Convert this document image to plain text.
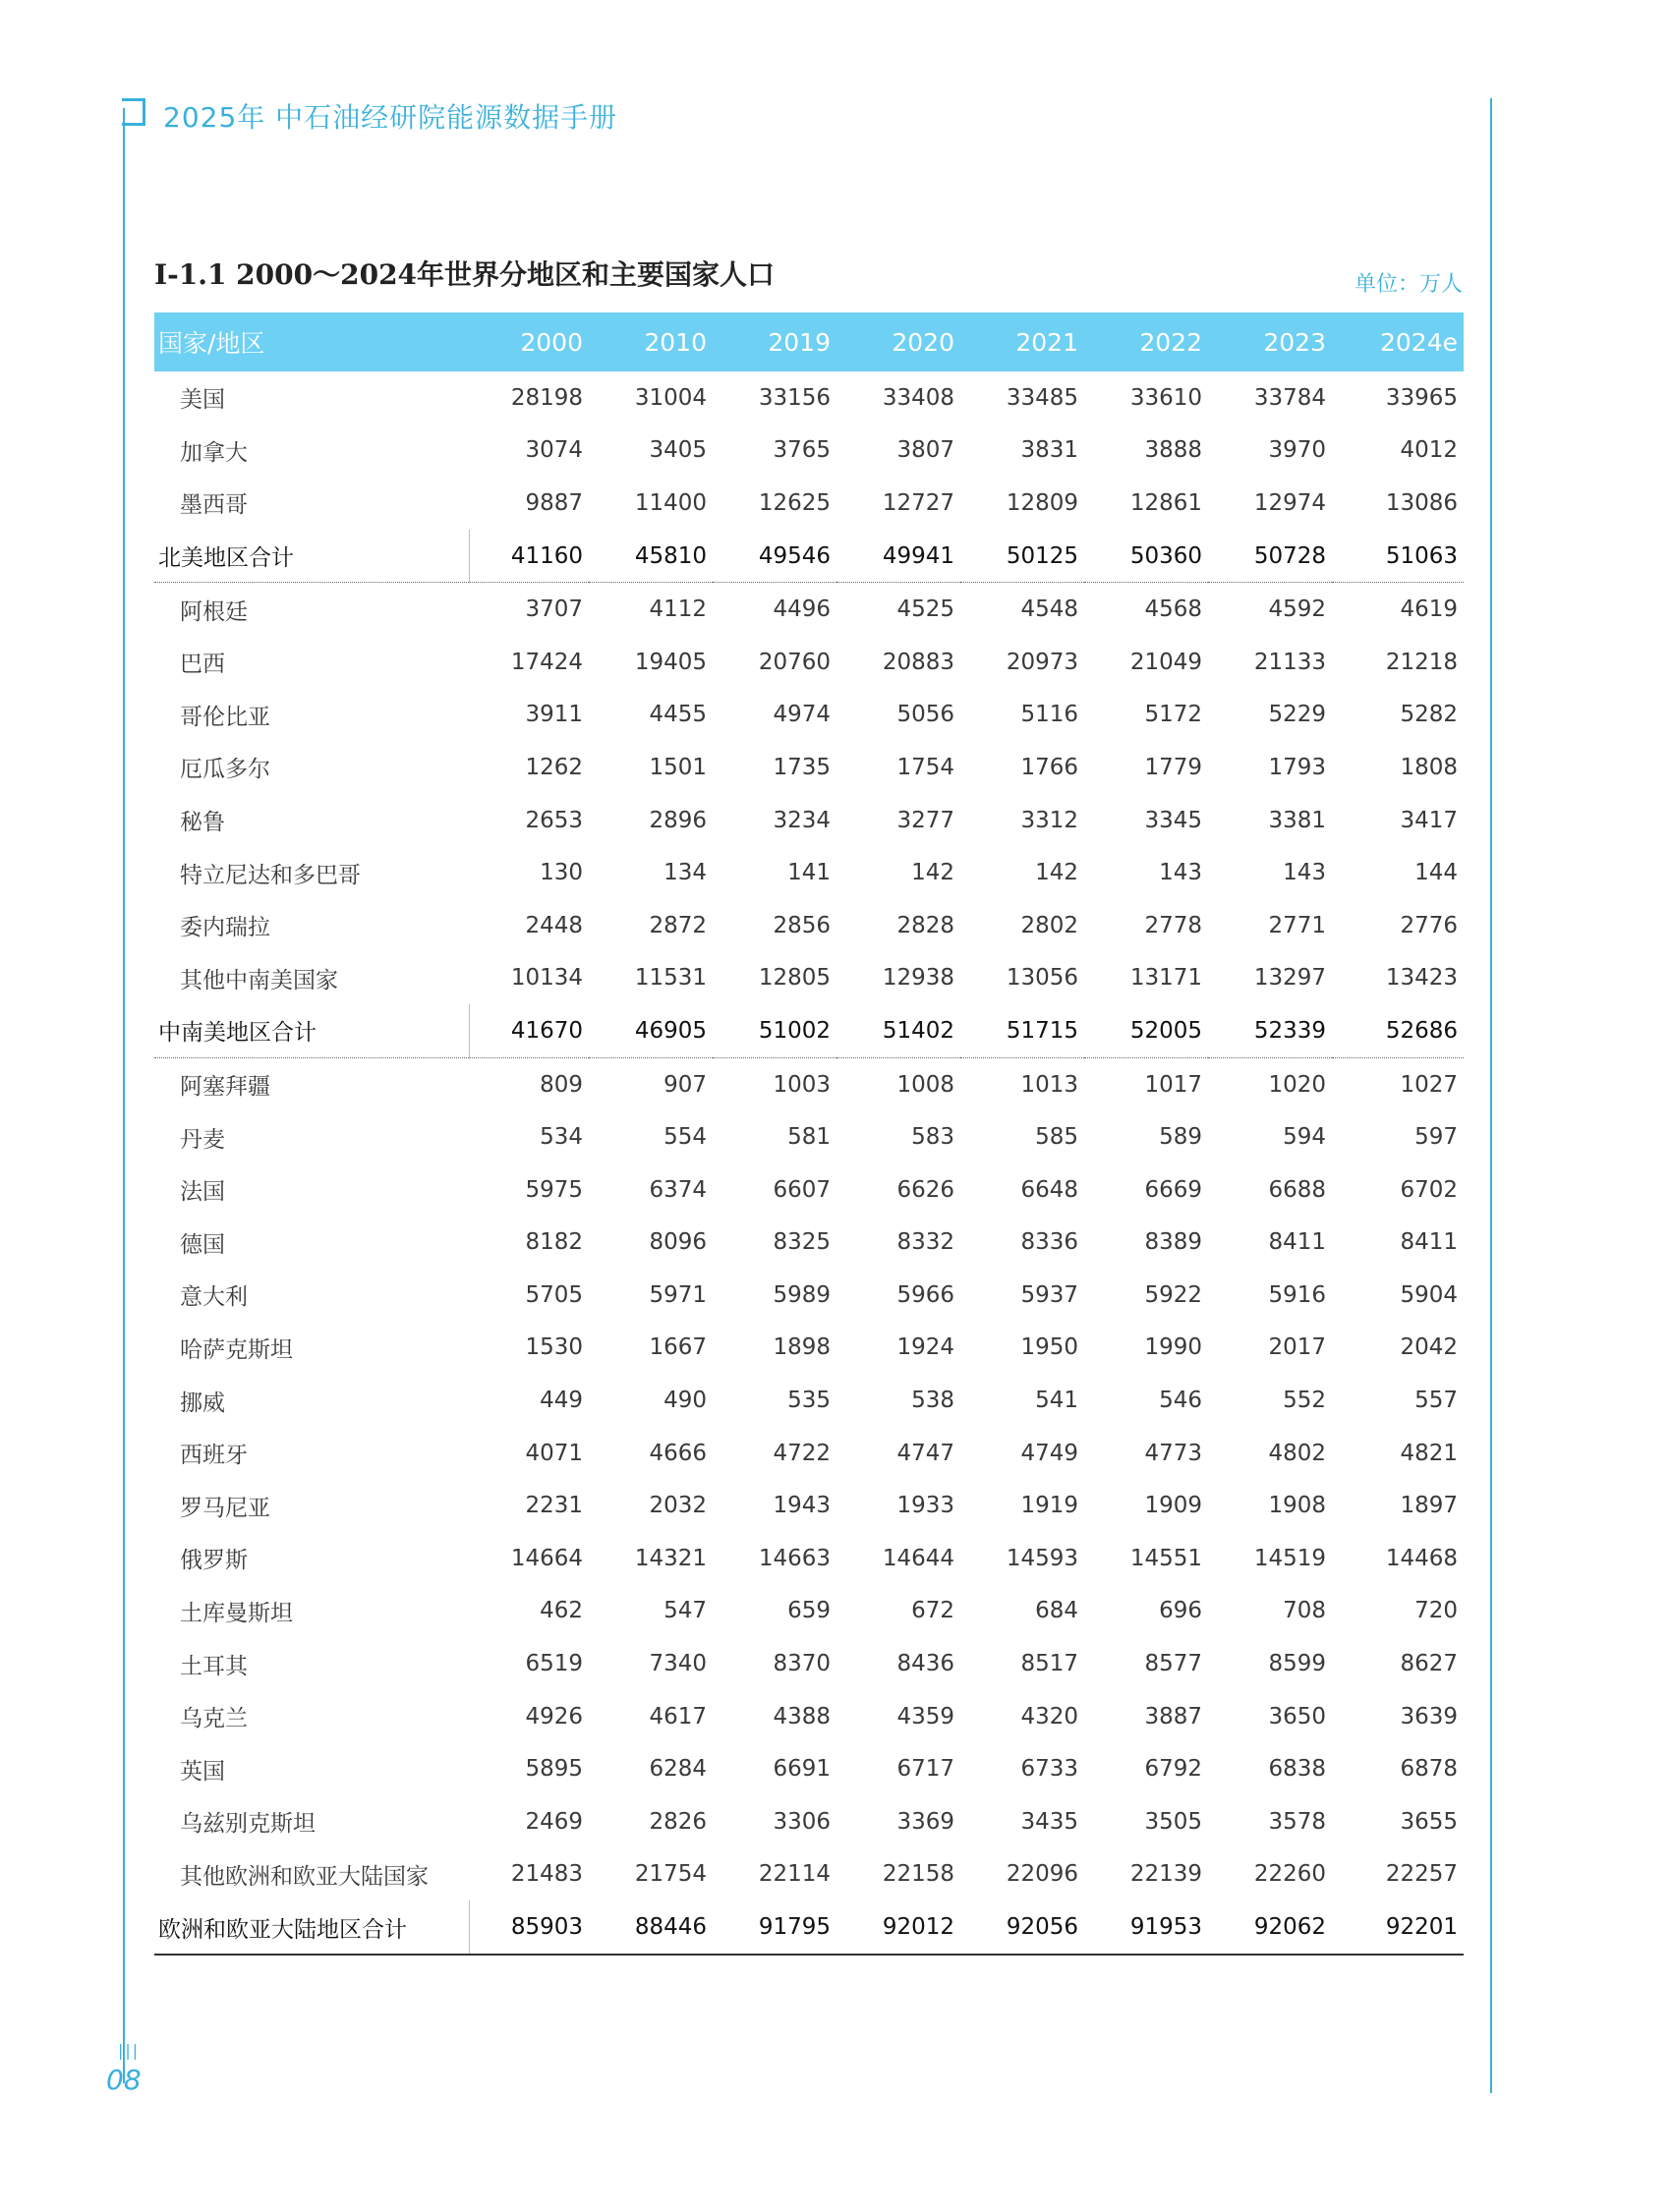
2025年 中石油经研院能源数据手册
I-1.1 2000～2024年世界分地区和主要国家人口	单位：万人
国家/地区	2000	2010	2019	2020	2021	2022	2023	2024e
美国	28198	31004	33156	33408	33485	33610	33784	33965
加拿大	3074	3405	3765	3807	3831	3888	3970	4012
墨西哥	9887	11400	12625	12727	12809	12861	12974	13086
北美地区合计	41160	45810	49546	49941	50125	50360	50728	51063
阿根廷	3707	4112	4496	4525	4548	4568	4592	4619
巴西	17424	19405	20760	20883	20973	21049	21133	21218
哥伦比亚	3911	4455	4974	5056	5116	5172	5229	5282
厄瓜多尔	1262	1501	1735	1754	1766	1779	1793	1808
秘鲁	2653	2896	3234	3277	3312	3345	3381	3417
特立尼达和多巴哥	130	134	141	142	142	143	143	144
委内瑞拉	2448	2872	2856	2828	2802	2778	2771	2776
其他中南美国家	10134	11531	12805	12938	13056	13171	13297	13423
中南美地区合计	41670	46905	51002	51402	51715	52005	52339	52686
阿塞拜疆	809	907	1003	1008	1013	1017	1020	1027
丹麦	534	554	581	583	585	589	594	597
法国	5975	6374	6607	6626	6648	6669	6688	6702
德国	8182	8096	8325	8332	8336	8389	8411	8411
意大利	5705	5971	5989	5966	5937	5922	5916	5904
哈萨克斯坦	1530	1667	1898	1924	1950	1990	2017	2042
挪威	449	490	535	538	541	546	552	557
西班牙	4071	4666	4722	4747	4749	4773	4802	4821
罗马尼亚	2231	2032	1943	1933	1919	1909	1908	1897
俄罗斯	14664	14321	14663	14644	14593	14551	14519	14468
土库曼斯坦	462	547	659	672	684	696	708	720
土耳其	6519	7340	8370	8436	8517	8577	8599	8627
乌克兰	4926	4617	4388	4359	4320	3887	3650	3639
英国	5895	6284	6691	6717	6733	6792	6838	6878
乌兹别克斯坦	2469	2826	3306	3369	3435	3505	3578	3655
其他欧洲和欧亚大陆国家	21483	21754	22114	22158	22096	22139	22260	22257
欧洲和欧亚大陆地区合计	85903	88446	91795	92012	92056	91953	92062	92201
|||
08
